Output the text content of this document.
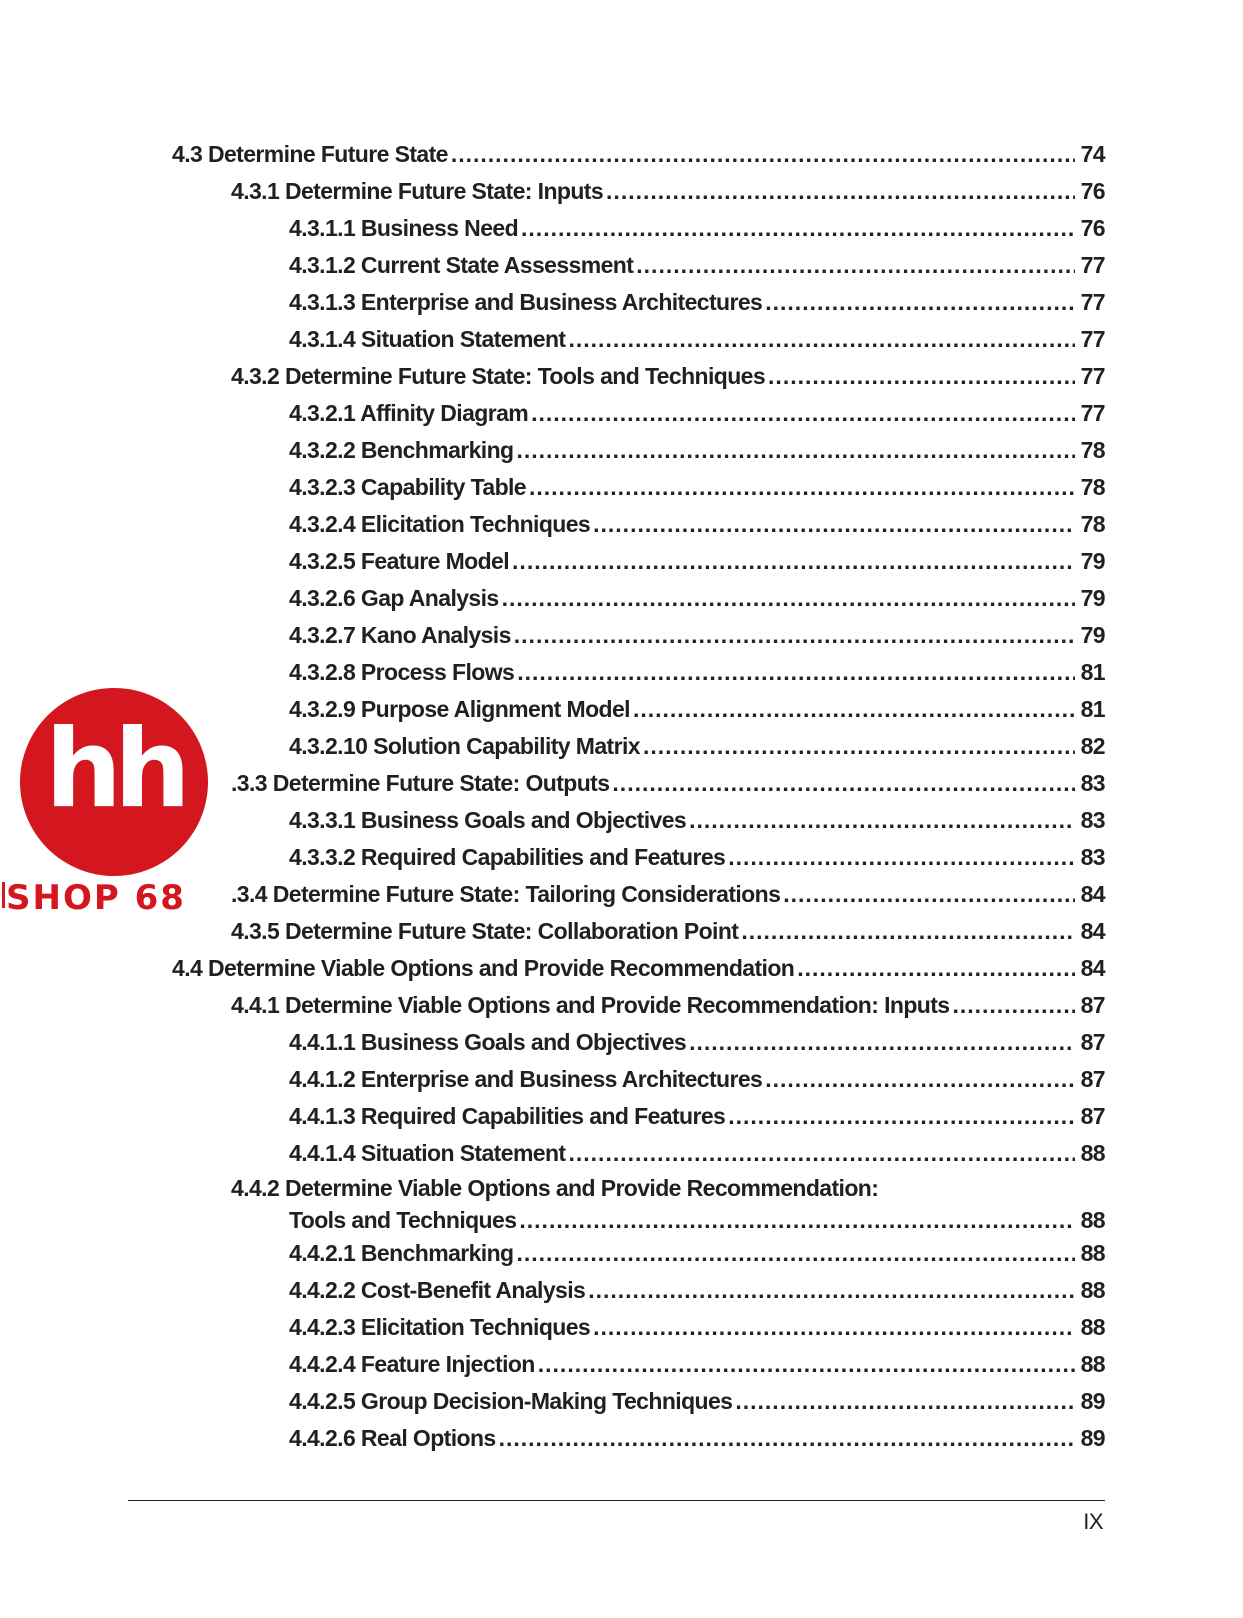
4.3 Determine Future State .....	74
4.3.1 Determine Future State: Inputs .....	76
4.3.1.1 Business Need .....	76
4.3.1.2 Current State Assessment .....	77
4.3.1.3 Enterprise and Business Architectures .....	77
4.3.1.4 Situation Statement .....	77
4.3.2 Determine Future State: Tools and Techniques .....	77
4.3.2.1 Affinity Diagram .....	77
4.3.2.2 Benchmarking .....	78
4.3.2.3 Capability Table .....	78
4.3.2.4 Elicitation Techniques .....	78
4.3.2.5 Feature Model .....	79
4.3.2.6 Gap Analysis .....	79
4.3.2.7 Kano Analysis .....	79
4.3.2.8 Process Flows .....	81
4.3.2.9 Purpose Alignment Model .....	81
4.3.2.10 Solution Capability Matrix .....	82
.3.3 Determine Future State: Outputs .....	83
4.3.3.1 Business Goals and Objectives .....	83
4.3.3.2 Required Capabilities and Features .....	83
.3.4 Determine Future State: Tailoring Considerations .....	84
4.3.5 Determine Future State: Collaboration Point .....	84
4.4 Determine Viable Options and Provide Recommendation .....	84
4.4.1 Determine Viable Options and Provide Recommendation: Inputs .....	87
4.4.1.1 Business Goals and Objectives .....	87
4.4.1.2 Enterprise and Business Architectures .....	87
4.4.1.3 Required Capabilities and Features .....	87
4.4.1.4 Situation Statement .....	88
4.4.2 Determine Viable Options and Provide Recommendation:
Tools and Techniques .....	88
4.4.2.1 Benchmarking .....	88
4.4.2.2 Cost-Benefit Analysis .....	88
4.4.2.3 Elicitation Techniques .....	88
4.4.2.4 Feature Injection .....	88
4.4.2.5 Group Decision-Making Techniques .....	89
4.4.2.6 Real Options .....	89
IX
hh
SHOP 68
